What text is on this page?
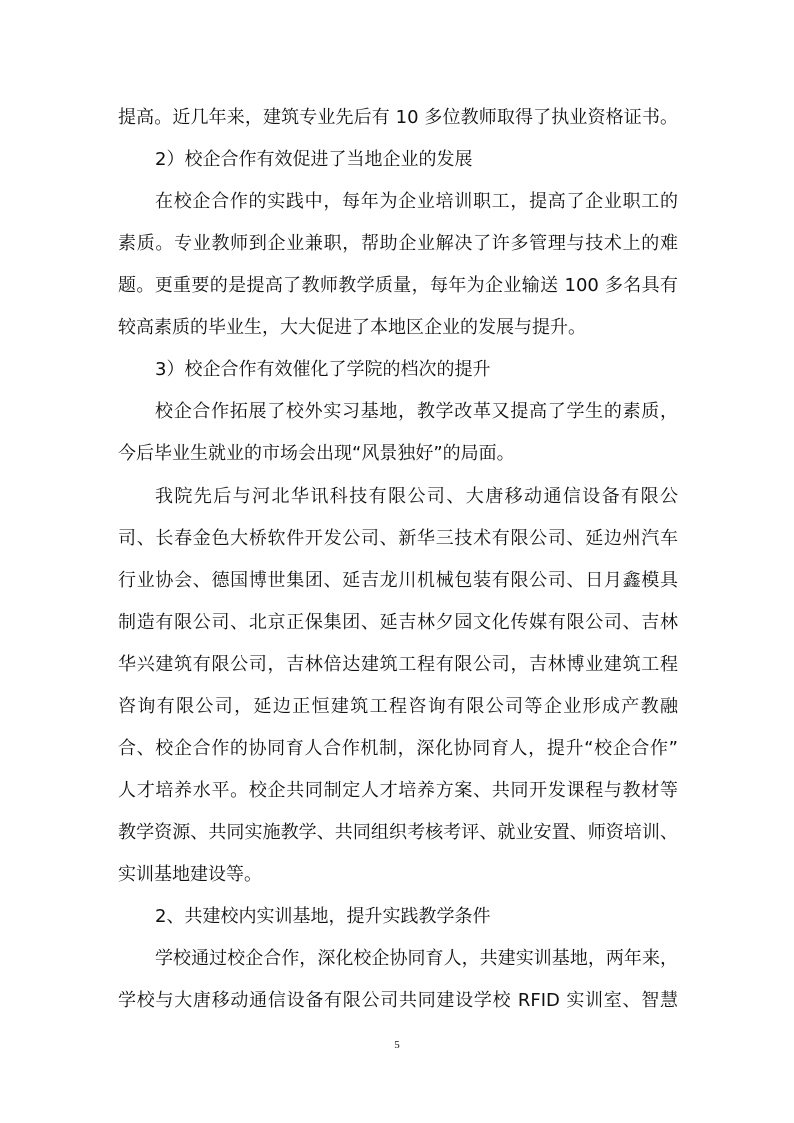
提高。近几年来，建筑专业先后有 10 多位教师取得了执业资格证书。
2）校企合作有效促进了当地企业的发展
在校企合作的实践中，每年为企业培训职工，提高了企业职工的
素质。专业教师到企业兼职，帮助企业解决了许多管理与技术上的难
题。更重要的是提高了教师教学质量，每年为企业输送 100 多名具有
较高素质的毕业生，大大促进了本地区企业的发展与提升。
3）校企合作有效催化了学院的档次的提升
校企合作拓展了校外实习基地，教学改革又提高了学生的素质，
今后毕业生就业的市场会出现“风景独好”的局面。
我院先后与河北华讯科技有限公司、大唐移动通信设备有限公
司、长春金色大桥软件开发公司、新华三技术有限公司、延边州汽车
行业协会、德国博世集团、延吉龙川机械包装有限公司、日月鑫模具
制造有限公司、北京正保集团、延吉林夕园文化传媒有限公司、吉林
华兴建筑有限公司，吉林倍达建筑工程有限公司，吉林博业建筑工程
咨询有限公司，延边正恒建筑工程咨询有限公司等企业形成产教融
合、校企合作的协同育人合作机制，深化协同育人，提升“校企合作”
人才培养水平。校企共同制定人才培养方案、共同开发课程与教材等
教学资源、共同实施教学、共同组织考核考评、就业安置、师资培训、
实训基地建设等。
2、共建校内实训基地，提升实践教学条件
学校通过校企合作，深化校企协同育人，共建实训基地，两年来，
学校与大唐移动通信设备有限公司共同建设学校 RFID 实训室、智慧
5
